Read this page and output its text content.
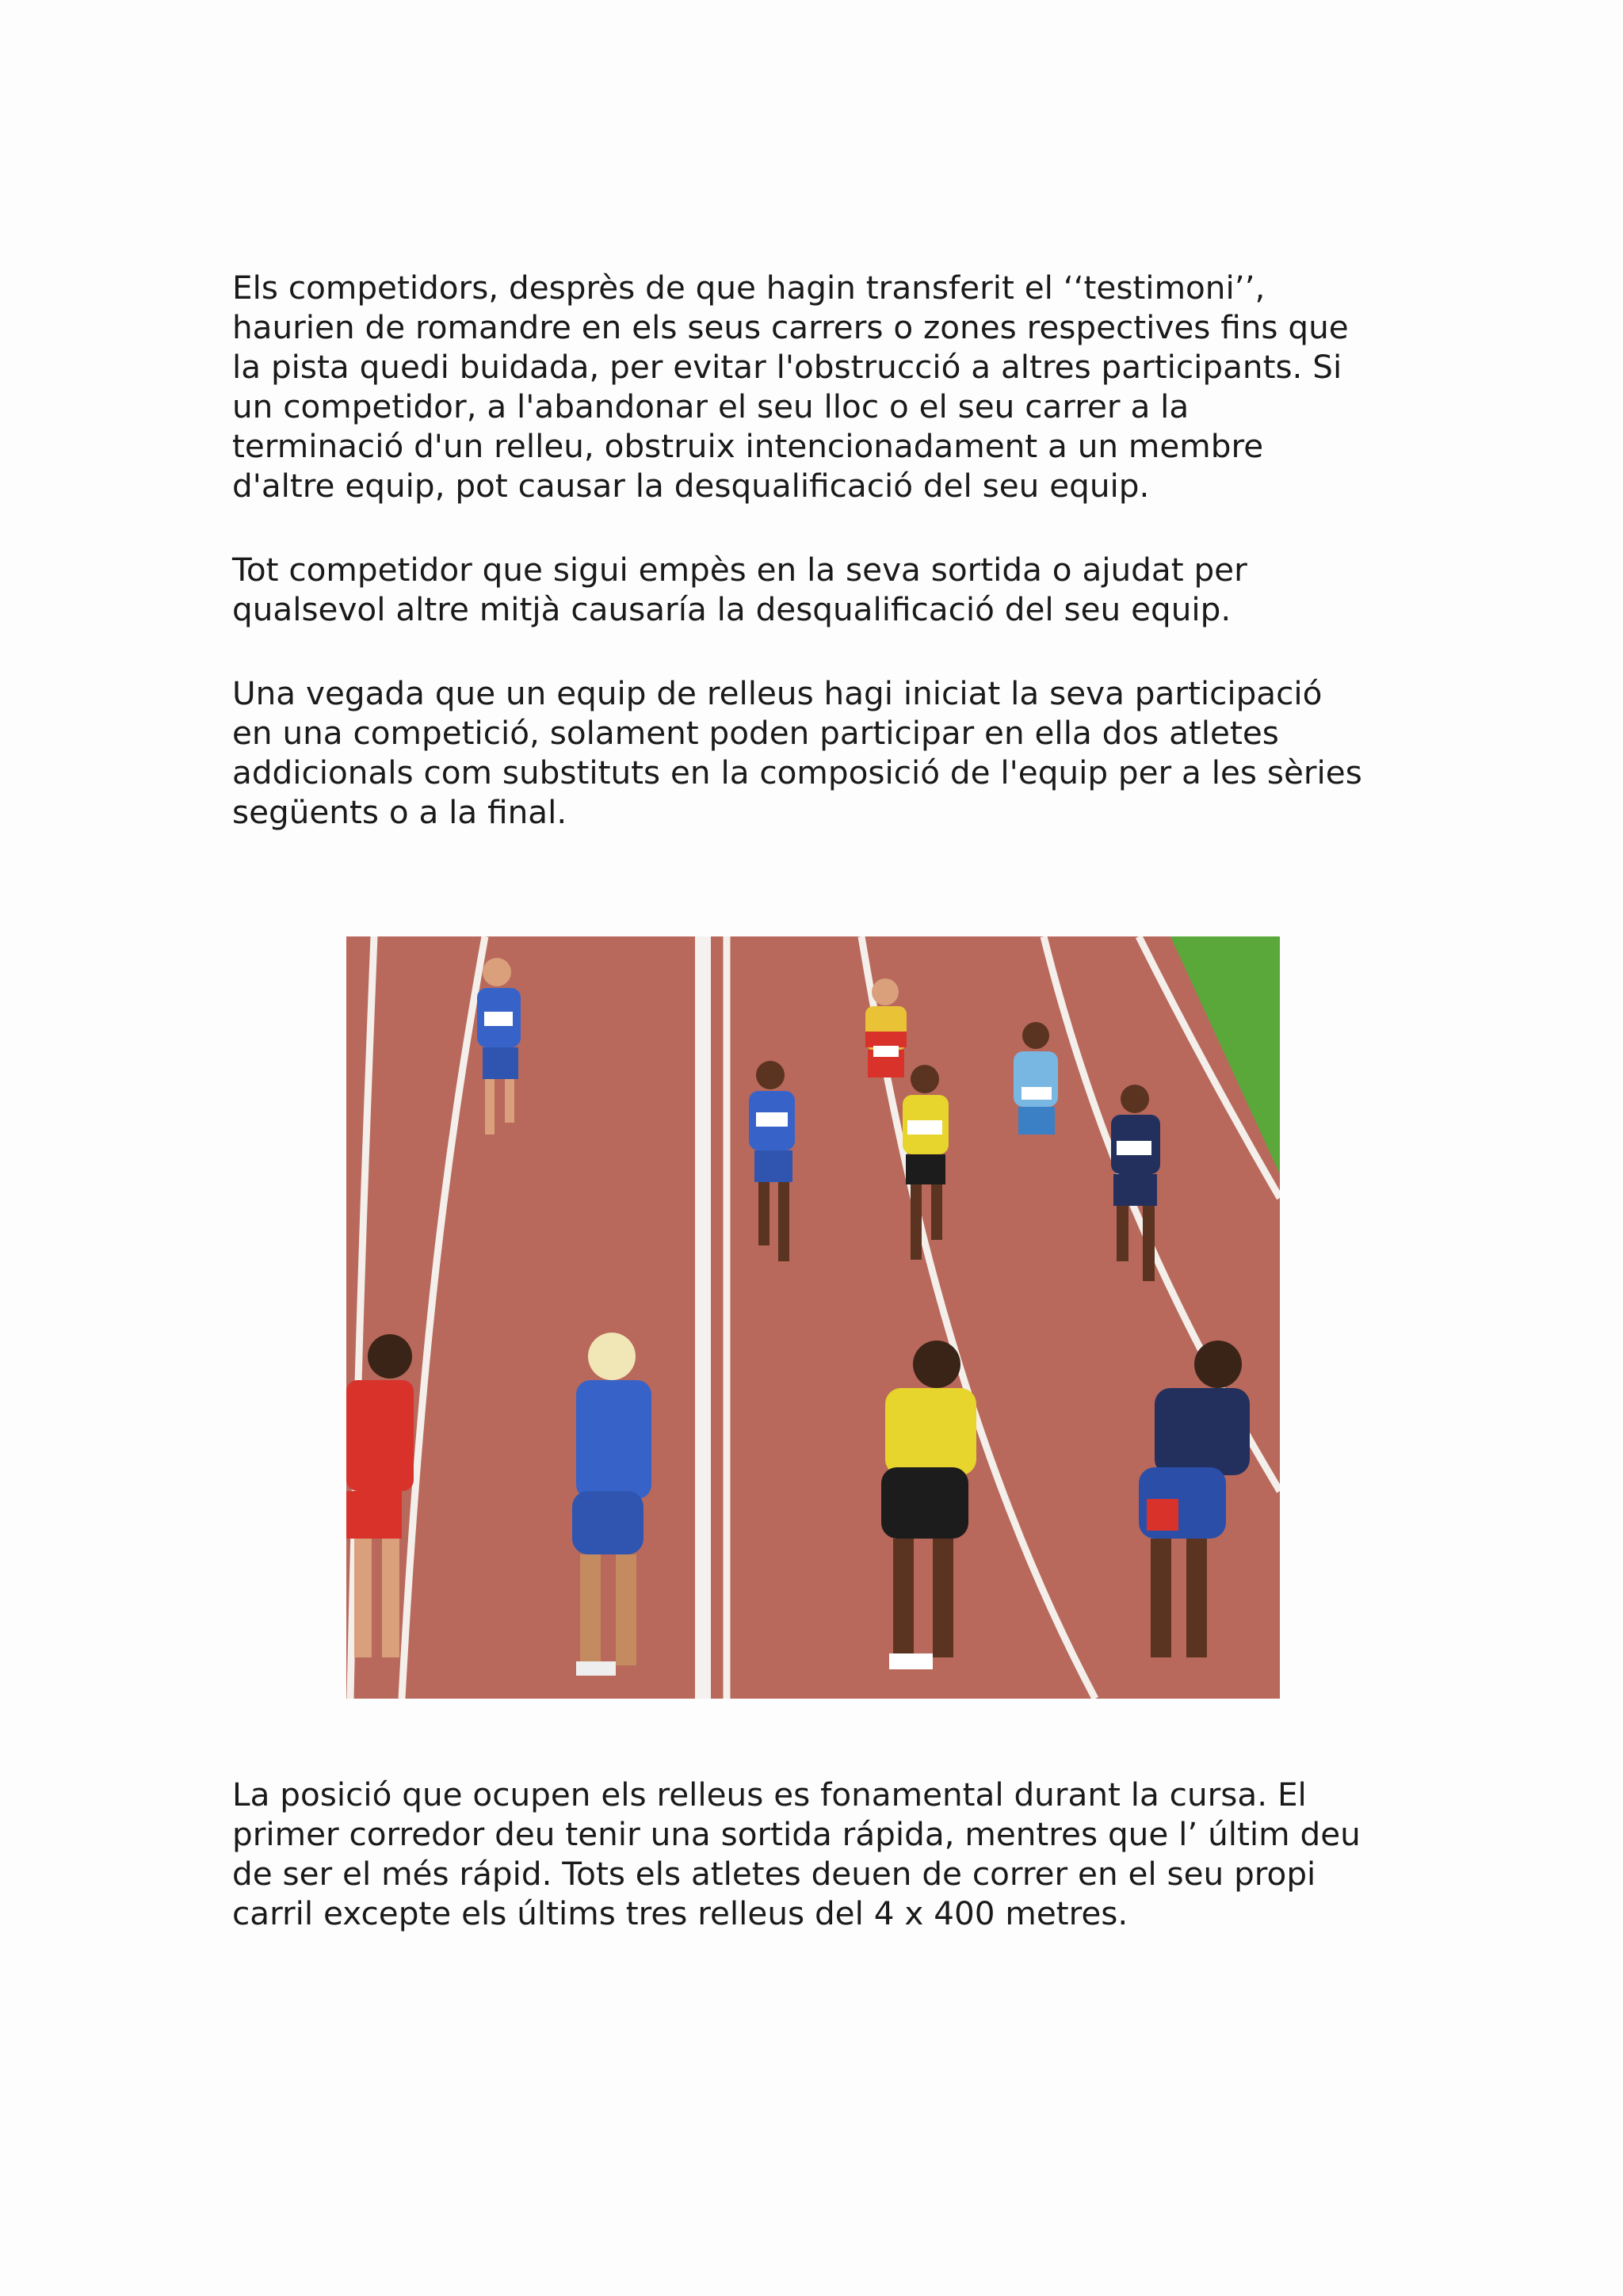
Els competidors, desprès de que hagin transferit el ‘‘testimoni’’,
haurien de romandre en els seus carrers o zones respectives fins que
la pista quedi buidada, per evitar l'obstrucció a altres participants. Si
un competidor, a l'abandonar el seu lloc o el seu carrer a la
terminació d'un relleu, obstruix intencionadament a un membre
d'altre equip, pot causar la desqualificació del seu equip.

Tot competidor que sigui empès en la seva sortida o ajudat per
qualsevol altre mitjà causaría la desqualificació del seu equip.

Una vegada que un equip de relleus hagi iniciat la seva participació
en una competició, solament poden participar en ella dos atletes
addicionals com substituts en la composició de l'equip per a les sèries
següents o a la final.

La posició que ocupen els relleus es fonamental durant la cursa. El
primer corredor deu tenir una sortida rápida, mentres que l’ últim deu
de ser el més rápid. Tots els atletes deuen de correr en el seu propi
carril excepte els últims tres relleus del 4 x 400 metres.
